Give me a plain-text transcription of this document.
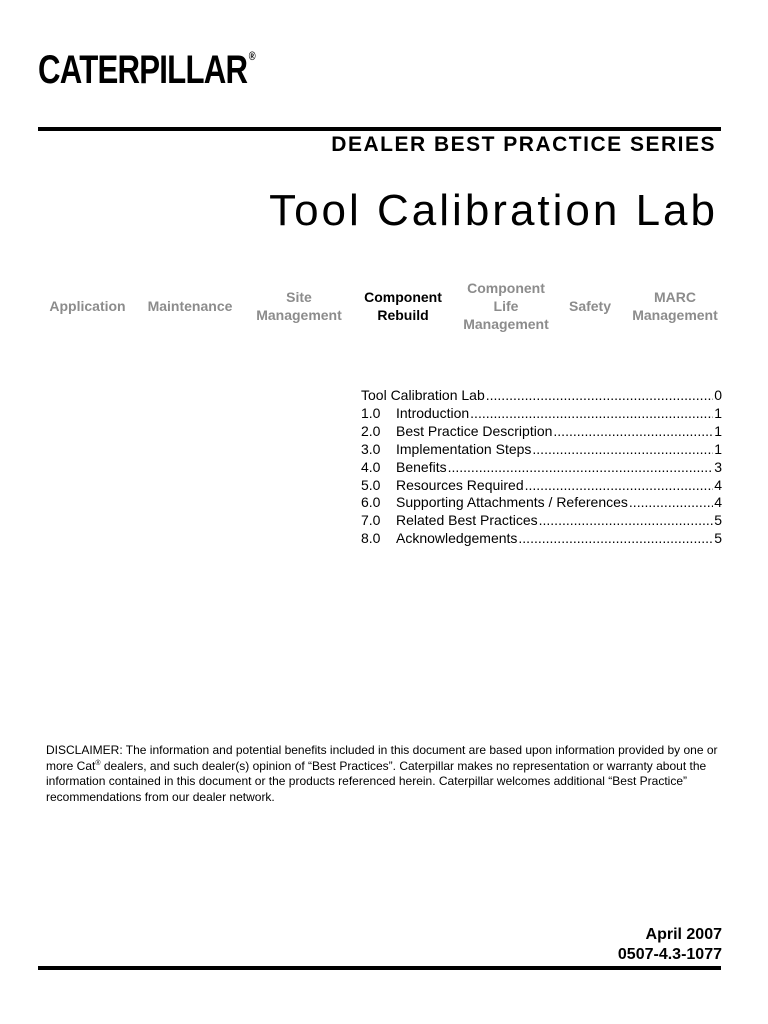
CATERPILLAR ®
DEALER BEST PRACTICE SERIES
Tool Calibration Lab
Application	Maintenance
Site
Management
Component
Rebuild
Component
Life
Management
Safety
MARC
Management
Tool Calibration Lab .....	0
1.0	Introduction .....	1
2.0	Best Practice Description .....	1
3.0	Implementation Steps .....	1
4.0	Benefits .....	3
5.0	Resources Required .....	4
6.0	Supporting Attachments / References .....	4
7.0	Related Best Practices .....	5
8.0	Acknowledgements .....	5
DISCLAIMER: The information and potential benefits included in this document are based upon information provided by one or more Cat® dealers, and such dealer(s) opinion of “Best Practices”. Caterpillar makes no representation or warranty about the information contained in this document or the products referenced herein. Caterpillar welcomes additional “Best Practice” recommendations from our dealer network.
April 2007
0507-4.3-1077
